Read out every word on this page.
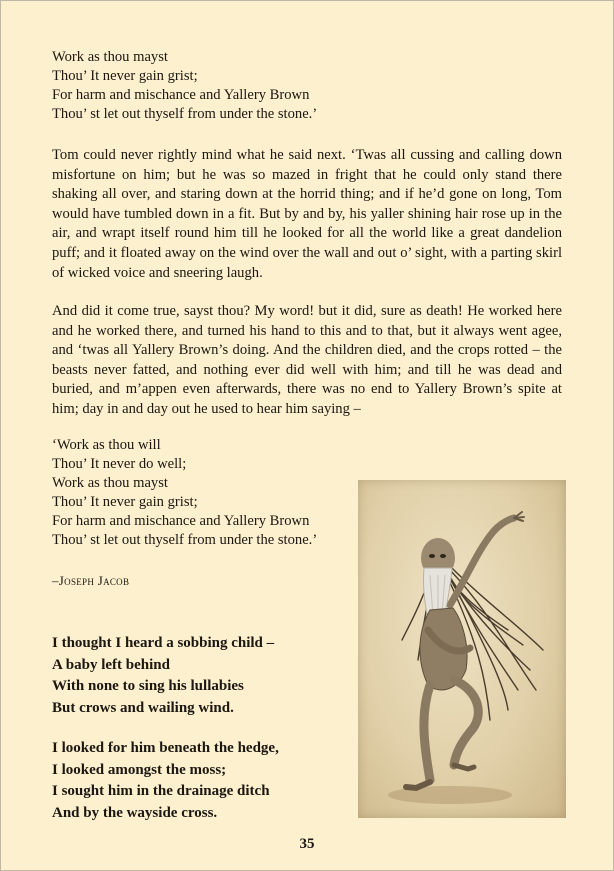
Work as thou mayst
Thou’ It never gain grist;
For harm and mischance and Yallery Brown
Thou’ st let out thyself from under the stone.’

Tom could never rightly mind what he said next. ‘Twas all cussing and calling down misfortune on him; but he was so mazed in fright that he could only stand there shaking all over, and staring down at the horrid thing; and if he’d gone on long, Tom would have tumbled down in a fit. But by and by, his yaller shining hair rose up in the air, and wrapt itself round him till he looked for all the world like a great dandelion puff; and it floated away on the wind over the wall and out o’ sight, with a parting skirl of wicked voice and sneering laugh.

And did it come true, sayst thou? My word! but it did, sure as death! He worked here and he worked there, and turned his hand to this and to that, but it always went agee, and ‘twas all Yallery Brown’s doing. And the children died, and the crops rotted – the beasts never fatted, and nothing ever did well with him; and till he was dead and buried, and m’appen even afterwards, there was no end to Yallery Brown’s spite at him; day in and day out he used to hear him saying –

‘Work as thou will
Thou’ It never do well;
Work as thou mayst
Thou’ It never gain grist;
For harm and mischance and Yallery Brown
Thou’ st let out thyself from under the stone.’
–Joseph Jacob
I thought I heard a sobbing child –
A baby left behind
With none to sing his lullabies
But crows and wailing wind.
I looked for him beneath the hedge,
I looked amongst the moss;
I sought him in the drainage ditch
And by the wayside cross.
35
